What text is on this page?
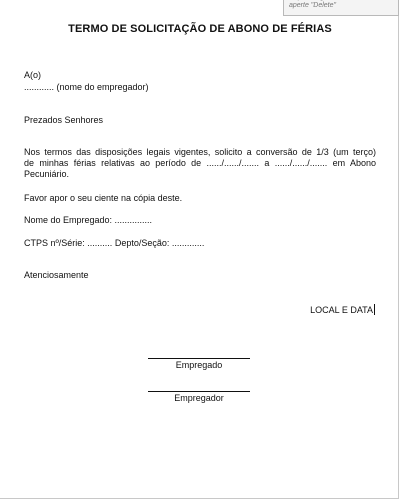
aperte "Delete"
TERMO DE SOLICITAÇÃO DE ABONO DE FÉRIAS
A(o)
............ (nome do empregador)
Prezados Senhores
Nos termos das disposições legais vigentes, solicito a conversão de 1/3 (um terço)
de minhas férias relativas ao período de ....../....../....... a ....../....../....... em Abono
Pecuniário.
Favor apor o seu ciente na cópia deste.
Nome do Empregado: ...............
CTPS nº/Série: .......... Depto/Seção: .............
Atenciosamente
LOCAL E DATA
Empregado
Empregador
